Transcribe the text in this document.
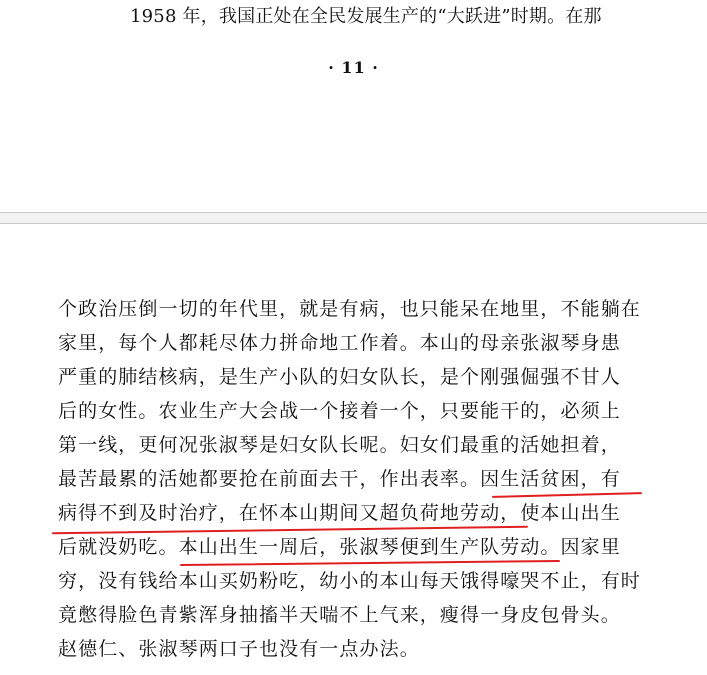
1958 年，我国正处在全民发展生产的“大跃进”时期。在那
· 11 ·
个政治压倒一切的年代里，就是有病，也只能呆在地里，不能躺在
家里，每个人都耗尽体力拼命地工作着。本山的母亲张淑琴身患
严重的肺结核病，是生产小队的妇女队长，是个刚强倔强不甘人
后的女性。农业生产大会战一个接着一个，只要能干的，必须上
第一线，更何况张淑琴是妇女队长呢。妇女们最重的活她担着，
最苦最累的活她都要抢在前面去干，作出表率。因生活贫困，有
病得不到及时治疗，在怀本山期间又超负荷地劳动，使本山出生
后就没奶吃。本山出生一周后，张淑琴便到生产队劳动。因家里
穷，没有钱给本山买奶粉吃，幼小的本山每天饿得嚎哭不止，有时
竟憋得脸色青紫浑身抽搐半天喘不上气来，瘦得一身皮包骨头。
赵德仁、张淑琴两口子也没有一点办法。
